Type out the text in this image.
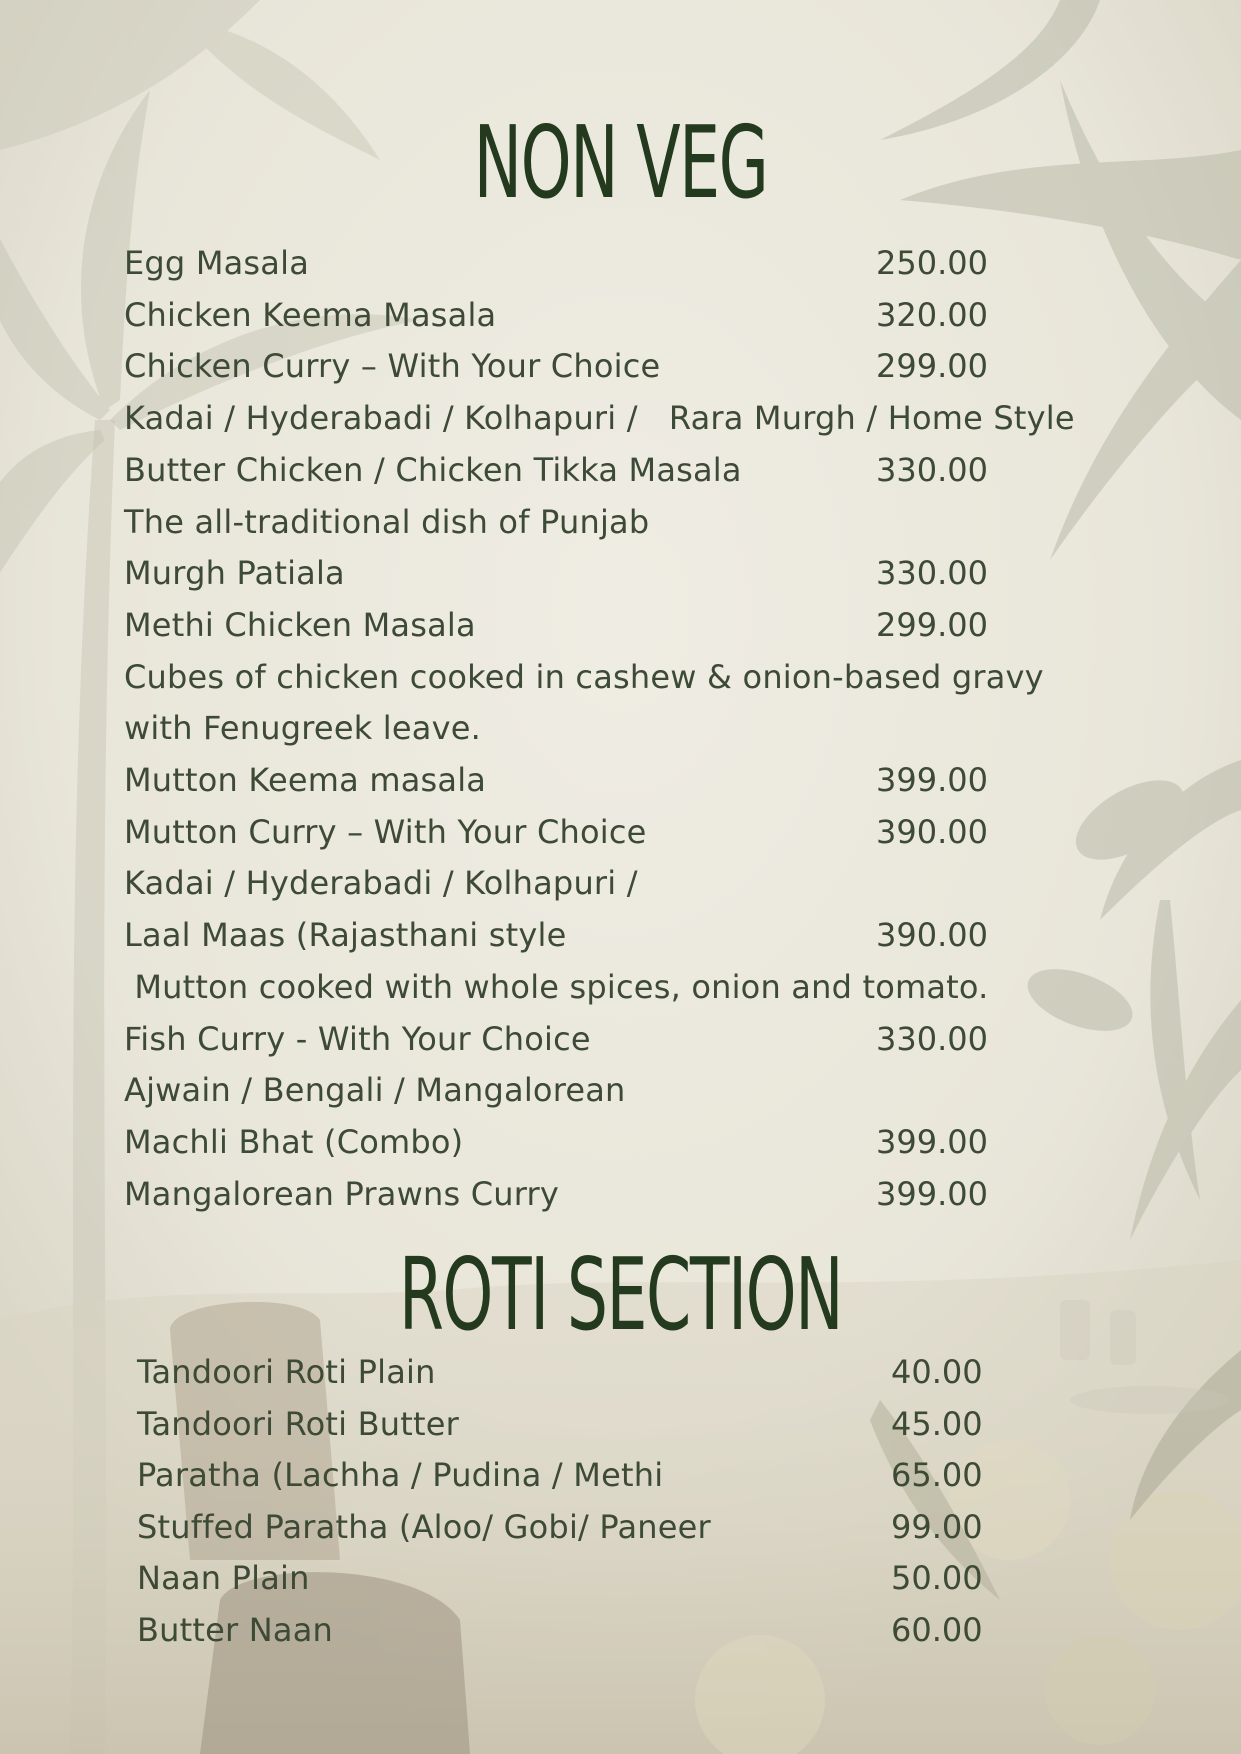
NON VEG
Egg Masala	250.00
Chicken Keema Masala	320.00
Chicken Curry – With Your Choice	299.00
Kadai / Hyderabadi / Kolhapuri /   Rara Murgh / Home Style
Butter Chicken / Chicken Tikka Masala	330.00
The all-traditional dish of Punjab
Murgh Patiala	330.00
Methi Chicken Masala	299.00
Cubes of chicken cooked in cashew & onion-based gravy
with Fenugreek leave.
Mutton Keema masala	399.00
Mutton Curry – With Your Choice	390.00
Kadai / Hyderabadi / Kolhapuri /
Laal Maas (Rajasthani style	390.00
Mutton cooked with whole spices, onion and tomato.
Fish Curry - With Your Choice	330.00
Ajwain / Bengali / Mangalorean
Machli Bhat (Combo)	399.00
Mangalorean Prawns Curry	399.00
ROTI SECTION
Tandoori Roti Plain	40.00
Tandoori Roti Butter	45.00
Paratha (Lachha / Pudina / Methi	65.00
Stuffed Paratha (Aloo/ Gobi/ Paneer	99.00
Naan Plain	50.00
Butter Naan	60.00
